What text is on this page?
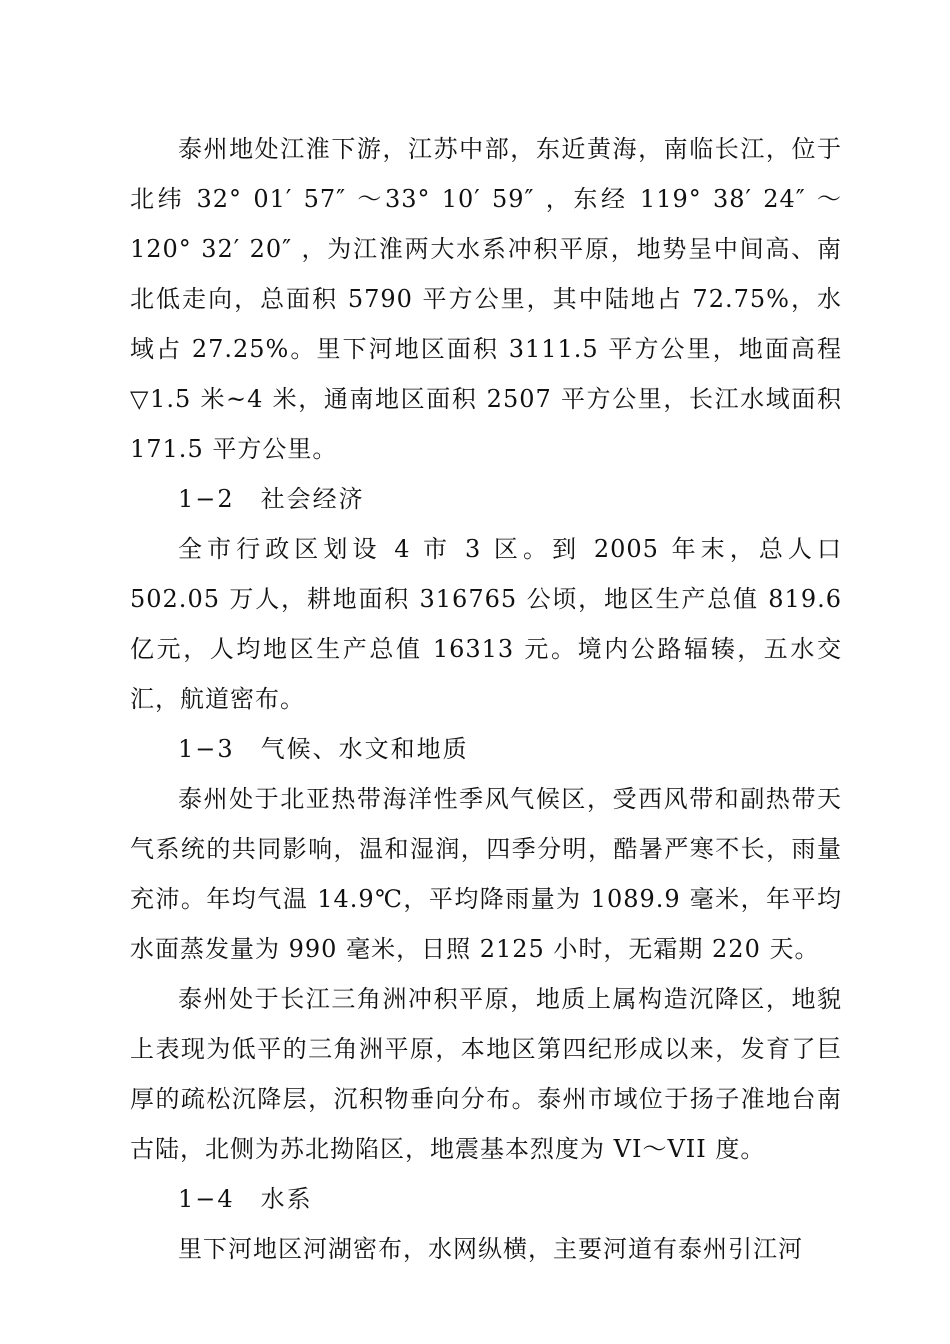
泰州地处江淮下游，江苏中部，东近黄海，南临长江，位于北纬 32° 01′ 57″ ～33° 10′ 59″ ，东经 119° 38′ 24″ ～ 120° 32′ 20″ ，为江淮两大水系冲积平原，地势呈中间高、南北低走向，总面积 5790 平方公里，其中陆地占 72.75%，水域占 27.25%。里下河地区面积 3111.5 平方公里，地面高程▽1.5 米~4 米，通南地区面积 2507 平方公里，长江水域面积 171.5 平方公里。

1−2　社会经济

全市行政区划设 4 市 3 区。到 2005 年末，总人口 502.05 万人，耕地面积 316765 公顷，地区生产总值 819.6 亿元，人均地区生产总值 16313 元。境内公路辐辏，五水交汇，航道密布。

1−3　气候、水文和地质

泰州处于北亚热带海洋性季风气候区，受西风带和副热带天气系统的共同影响，温和湿润，四季分明，酷暑严寒不长，雨量充沛。年均气温 14.9℃，平均降雨量为 1089.9 毫米，年平均水面蒸发量为 990 毫米，日照 2125 小时，无霜期 220 天。

泰州处于长江三角洲冲积平原，地质上属构造沉降区，地貌上表现为低平的三角洲平原，本地区第四纪形成以来，发育了巨厚的疏松沉降层，沉积物垂向分布。泰州市域位于扬子准地台南古陆，北侧为苏北拗陷区，地震基本烈度为 VI～VII 度。

1−4　水系

里下河地区河湖密布，水网纵横，主要河道有泰州引江河
